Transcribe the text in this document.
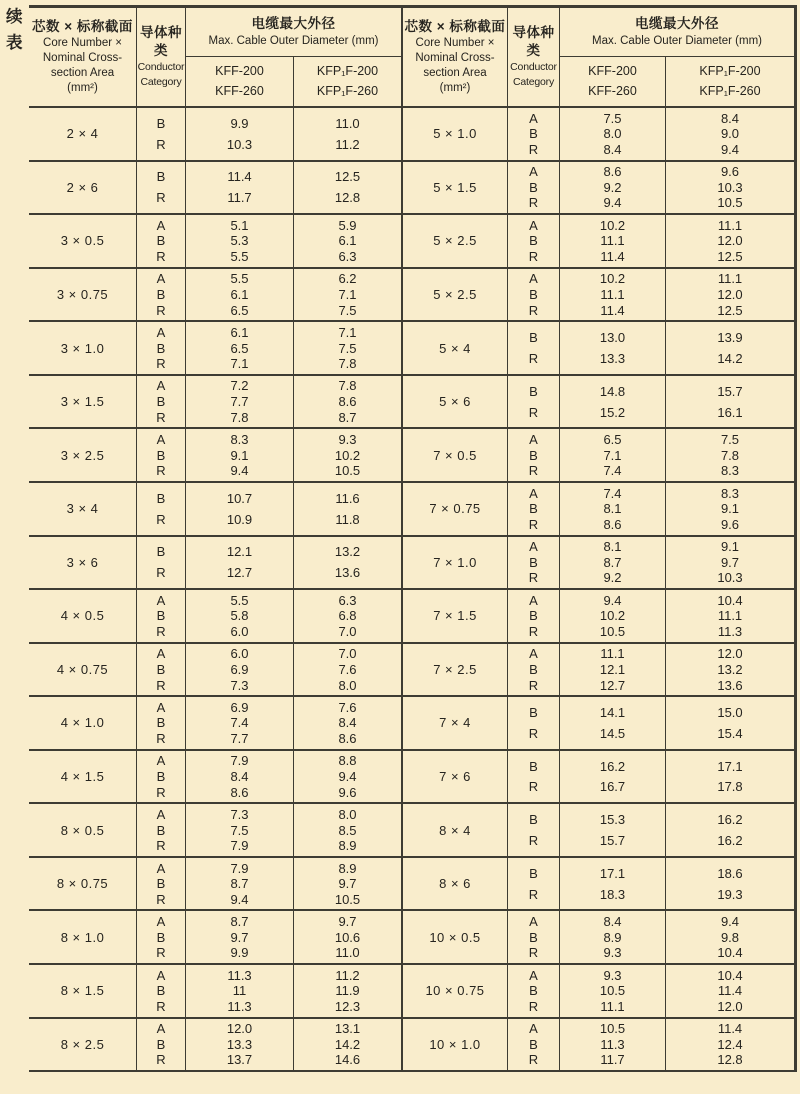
续
表
芯数 × 标称截面
Core Number ×
Nominal Cross-
section Area
(mm²)
导体种
类
Conductor
Category
电缆最大外径
Max. Cable Outer Diameter (mm)
KFF-200
KFF-260
KFP₁F-200
KFP₁F-260
2 × 4
B
R
9.9
10.3
11.0
11.2
2 × 6
B
R
11.4
11.7
12.5
12.8
3 × 0.5
A
B
R
5.1
5.3
5.5
5.9
6.1
6.3
3 × 0.75
A
B
R
5.5
6.1
6.5
6.2
7.1
7.5
3 × 1.0
A
B
R
6.1
6.5
7.1
7.1
7.5
7.8
3 × 1.5
A
B
R
7.2
7.7
7.8
7.8
8.6
8.7
3 × 2.5
A
B
R
8.3
9.1
9.4
9.3
10.2
10.5
3 × 4
B
R
10.7
10.9
11.6
11.8
3 × 6
B
R
12.1
12.7
13.2
13.6
4 × 0.5
A
B
R
5.5
5.8
6.0
6.3
6.8
7.0
4 × 0.75
A
B
R
6.0
6.9
7.3
7.0
7.6
8.0
4 × 1.0
A
B
R
6.9
7.4
7.7
7.6
8.4
8.6
4 × 1.5
A
B
R
7.9
8.4
8.6
8.8
9.4
9.6
8 × 0.5
A
B
R
7.3
7.5
7.9
8.0
8.5
8.9
8 × 0.75
A
B
R
7.9
8.7
9.4
8.9
9.7
10.5
8 × 1.0
A
B
R
8.7
9.7
9.9
9.7
10.6
11.0
8 × 1.5
A
B
R
11.3
11
11.3
11.2
11.9
12.3
8 × 2.5
A
B
R
12.0
13.3
13.7
13.1
14.2
14.6
芯数 × 标称截面
Core Number ×
Nominal Cross-
section Area
(mm²)
导体种
类
Conductor
Category
电缆最大外径
Max. Cable Outer Diameter (mm)
KFF-200
KFF-260
KFP₁F-200
KFP₁F-260
5 × 1.0
A
B
R
7.5
8.0
8.4
8.4
9.0
9.4
5 × 1.5
A
B
R
8.6
9.2
9.4
9.6
10.3
10.5
5 × 2.5
A
B
R
10.2
11.1
11.4
11.1
12.0
12.5
5 × 2.5
A
B
R
10.2
11.1
11.4
11.1
12.0
12.5
5 × 4
B
R
13.0
13.3
13.9
14.2
5 × 6
B
R
14.8
15.2
15.7
16.1
7 × 0.5
A
B
R
6.5
7.1
7.4
7.5
7.8
8.3
7 × 0.75
A
B
R
7.4
8.1
8.6
8.3
9.1
9.6
7 × 1.0
A
B
R
8.1
8.7
9.2
9.1
9.7
10.3
7 × 1.5
A
B
R
9.4
10.2
10.5
10.4
11.1
11.3
7 × 2.5
A
B
R
11.1
12.1
12.7
12.0
13.2
13.6
7 × 4
B
R
14.1
14.5
15.0
15.4
7 × 6
B
R
16.2
16.7
17.1
17.8
8 × 4
B
R
15.3
15.7
16.2
16.2
8 × 6
B
R
17.1
18.3
18.6
19.3
10 × 0.5
A
B
R
8.4
8.9
9.3
9.4
9.8
10.4
10 × 0.75
A
B
R
9.3
10.5
11.1
10.4
11.4
12.0
10 × 1.0
A
B
R
10.5
11.3
11.7
11.4
12.4
12.8
